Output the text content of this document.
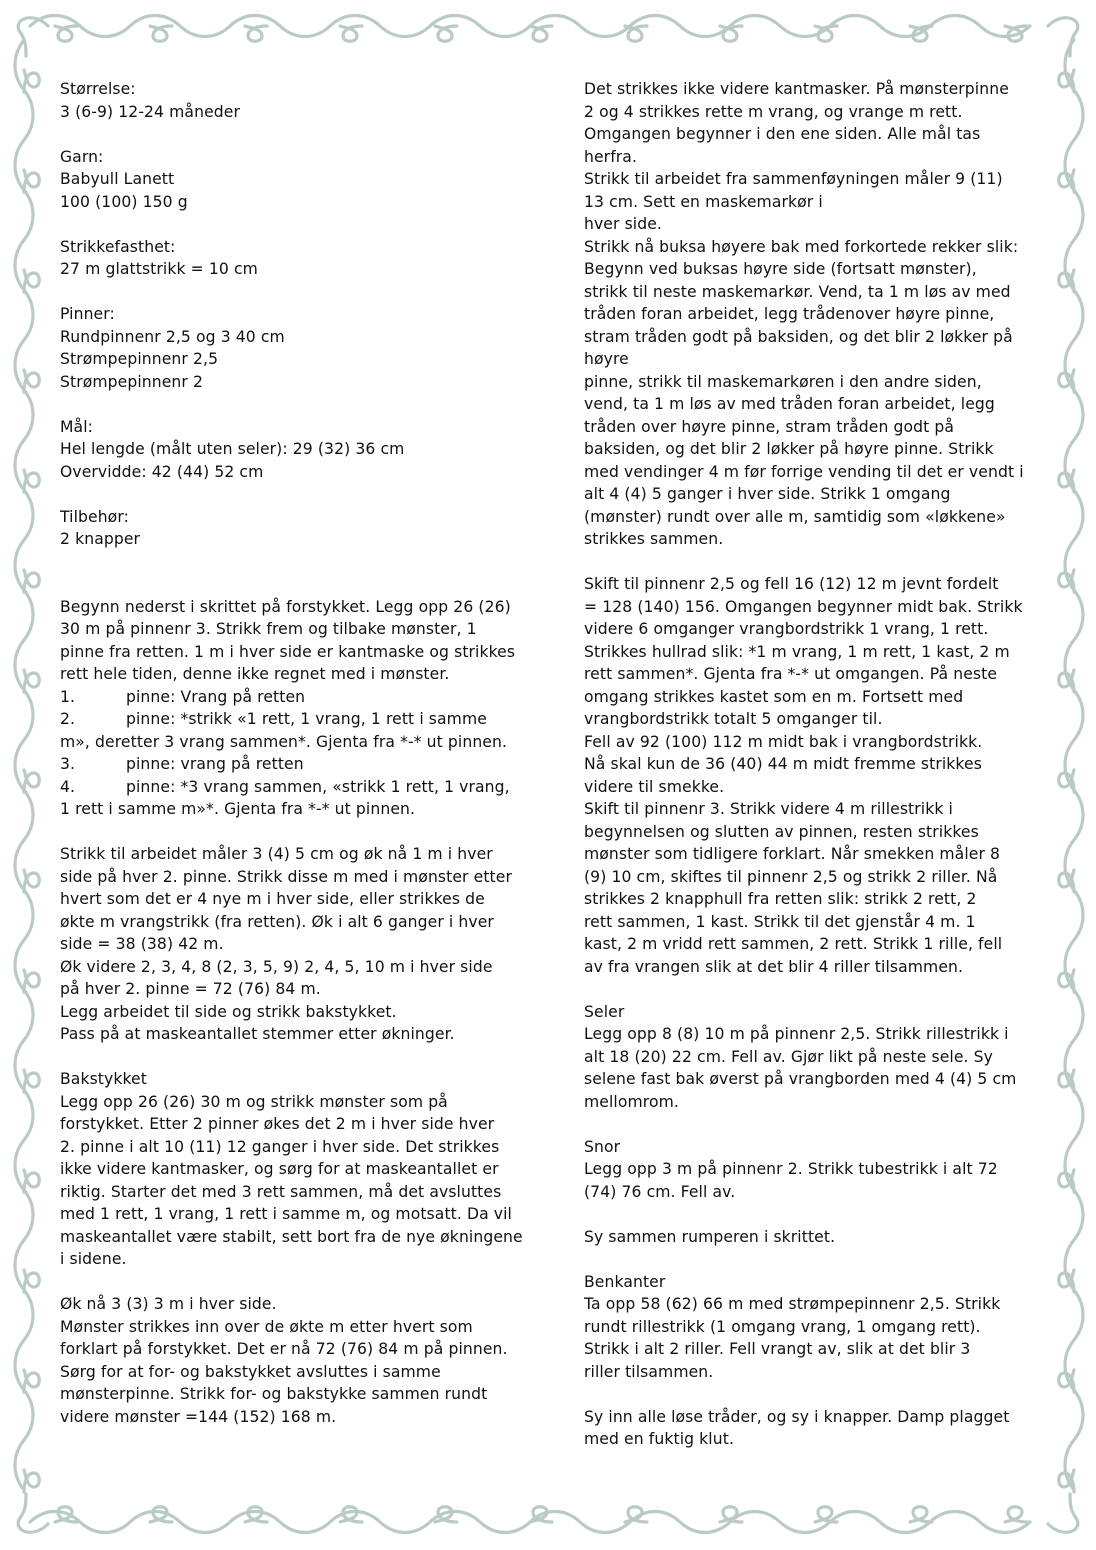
Størrelse:
3 (6-9) 12-24 måneder
Garn:
Babyull Lanett
100 (100) 150 g
Strikkefasthet:
27 m glattstrikk = 10 cm
Pinner:
Rundpinnenr 2,5 og 3 40 cm
Strømpepinnenr 2,5
Strømpepinnenr 2
Mål:
Hel lengde (målt uten seler): 29 (32) 36 cm
Overvidde: 42 (44) 52 cm
Tilbehør:
2 knapper
Begynn nederst i skrittet på forstykket. Legg opp 26 (26)
30 m på pinnenr 3. Strikk frem og tilbake mønster, 1
pinne fra retten. 1 m i hver side er kantmaske og strikkes
rett hele tiden, denne ikke regnet med i mønster.
1.	pinne: Vrang på retten
2.	pinne: *strikk «1 rett, 1 vrang, 1 rett i samme
m», deretter 3 vrang sammen*. Gjenta fra *-* ut pinnen.
3.	pinne: vrang på retten
4.	pinne: *3 vrang sammen, «strikk 1 rett, 1 vrang,
1 rett i samme m»*. Gjenta fra *-* ut pinnen.
Strikk til arbeidet måler 3 (4) 5 cm og øk nå 1 m i hver
side på hver 2. pinne. Strikk disse m med i mønster etter
hvert som det er 4 nye m i hver side, eller strikkes de
økte m vrangstrikk (fra retten). Øk i alt 6 ganger i hver
side = 38 (38) 42 m.
Øk videre 2, 3, 4, 8 (2, 3, 5, 9) 2, 4, 5, 10 m i hver side
på hver 2. pinne = 72 (76) 84 m.
Legg arbeidet til side og strikk bakstykket.
Pass på at maskeantallet stemmer etter økninger.
Bakstykket
Legg opp 26 (26) 30 m og strikk mønster som på
forstykket. Etter 2 pinner økes det 2 m i hver side hver
2. pinne i alt 10 (11) 12 ganger i hver side. Det strikkes
ikke videre kantmasker, og sørg for at maskeantallet er
riktig. Starter det med 3 rett sammen, må det avsluttes
med 1 rett, 1 vrang, 1 rett i samme m, og motsatt. Da vil
maskeantallet være stabilt, sett bort fra de nye økningene
i sidene.
Øk nå 3 (3) 3 m i hver side.
Mønster strikkes inn over de økte m etter hvert som
forklart på forstykket. Det er nå 72 (76) 84 m på pinnen.
Sørg for at for- og bakstykket avsluttes i samme
mønsterpinne. Strikk for- og bakstykke sammen rundt
videre mønster =144 (152) 168 m.
Det strikkes ikke videre kantmasker. På mønsterpinne
2 og 4 strikkes rette m vrang, og vrange m rett.
Omgangen begynner i den ene siden. Alle mål tas
herfra.
Strikk til arbeidet fra sammenføyningen måler 9 (11)
13 cm. Sett en maskemarkør i
hver side.
Strikk nå buksa høyere bak med forkortede rekker slik:
Begynn ved buksas høyre side (fortsatt mønster),
strikk til neste maskemarkør. Vend, ta 1 m løs av med
tråden foran arbeidet, legg trådenover høyre pinne,
stram tråden godt på baksiden, og det blir 2 løkker på
høyre
pinne, strikk til maskemarkøren i den andre siden,
vend, ta 1 m løs av med tråden foran arbeidet, legg
tråden over høyre pinne, stram tråden godt på
baksiden, og det blir 2 løkker på høyre pinne. Strikk
med vendinger 4 m før forrige vending til det er vendt i
alt 4 (4) 5 ganger i hver side. Strikk 1 omgang
(mønster) rundt over alle m, samtidig som «løkkene»
strikkes sammen.
Skift til pinnenr 2,5 og fell 16 (12) 12 m jevnt fordelt
= 128 (140) 156. Omgangen begynner midt bak. Strikk
videre 6 omganger vrangbordstrikk 1 vrang, 1 rett.
Strikkes hullrad slik: *1 m vrang, 1 m rett, 1 kast, 2 m
rett sammen*. Gjenta fra *-* ut omgangen. På neste
omgang strikkes kastet som en m. Fortsett med
vrangbordstrikk totalt 5 omganger til.
Fell av 92 (100) 112 m midt bak i vrangbordstrikk.
Nå skal kun de 36 (40) 44 m midt fremme strikkes
videre til smekke.
Skift til pinnenr 3. Strikk videre 4 m rillestrikk i
begynnelsen og slutten av pinnen, resten strikkes
mønster som tidligere forklart. Når smekken måler 8
(9) 10 cm, skiftes til pinnenr 2,5 og strikk 2 riller. Nå
strikkes 2 knapphull fra retten slik: strikk 2 rett, 2
rett sammen, 1 kast. Strikk til det gjenstår 4 m. 1
kast, 2 m vridd rett sammen, 2 rett. Strikk 1 rille, fell
av fra vrangen slik at det blir 4 riller tilsammen.
Seler
Legg opp 8 (8) 10 m på pinnenr 2,5. Strikk rillestrikk i
alt 18 (20) 22 cm. Fell av. Gjør likt på neste sele. Sy
selene fast bak øverst på vrangborden med 4 (4) 5 cm
mellomrom.
Snor
Legg opp 3 m på pinnenr 2. Strikk tubestrikk i alt 72
(74) 76 cm. Fell av.
Sy sammen rumperen i skrittet.
Benkanter
Ta opp 58 (62) 66 m med strømpepinnenr 2,5. Strikk
rundt rillestrikk (1 omgang vrang, 1 omgang rett).
Strikk i alt 2 riller. Fell vrangt av, slik at det blir 3
riller tilsammen.
Sy inn alle løse tråder, og sy i knapper. Damp plagget
med en fuktig klut.
